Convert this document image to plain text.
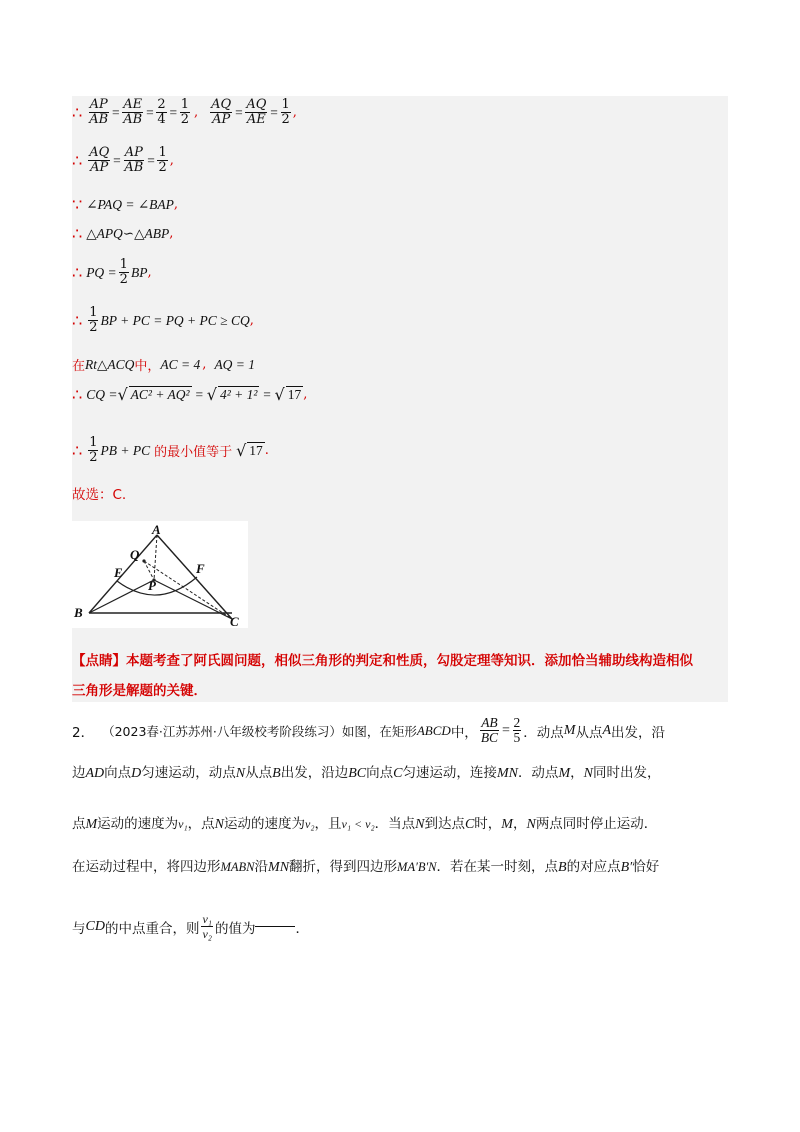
∴ $\frac{AP}{AB} = \frac{AE}{AB} = \frac{2}{4} = \frac{1}{2}$ , $\frac{AQ}{AP} = \frac{AQ}{AE} = \frac{1}{2}$ ,
∴ $\frac{AQ}{AP} = \frac{AP}{AB} = \frac{1}{2}$ ,
∵ ∠PAQ = ∠BAP ,
∴ △APQ∽△ABP ,
∴ PQ = $\frac{1}{2}$ BP ,
∴ $\frac{1}{2}$ BP + PC = PQ + PC ≥ CQ ,
在 Rt△ACQ 中， AC = 4 , AQ = 1
∴ CQ = √ AC² + AQ² = √ 4² + 1² = √ 17 ,
∴ $\frac{1}{2}$ PB + PC 的最小值等于 √ 17 .
故选：C.
A
Q
E	F
P
B
C
【点睛】本题考查了阿氏圆问题，相似三角形的判定和性质，勾股定理等知识．添加恰当辅助线构造相似
三角形是解题的关键．
2． （2023春·江苏苏州·八年级校考阶段练习）如图，在矩形 ABCD 中， $\frac{AB}{BC} = \frac{2}{5}$ ．动点 M 从点 A 出发，沿
边AD向点D匀速运动，动点N从点B出发，沿边BC向点C匀速运动，连接MN．动点M，N同时出发，
点M运动的速度为v₁，点N运动的速度为v₂，且v₁ < v₂．当点N到达点C时，M，N两点同时停止运动．
在运动过程中，将四边形MABN沿MN翻折，得到四边形MA′B′N．若在某一时刻，点B的对应点B′恰好
与 CD 的中点重合，则 $\frac{\text{v₁}}{\text{v₂}}$ 的值为	．
